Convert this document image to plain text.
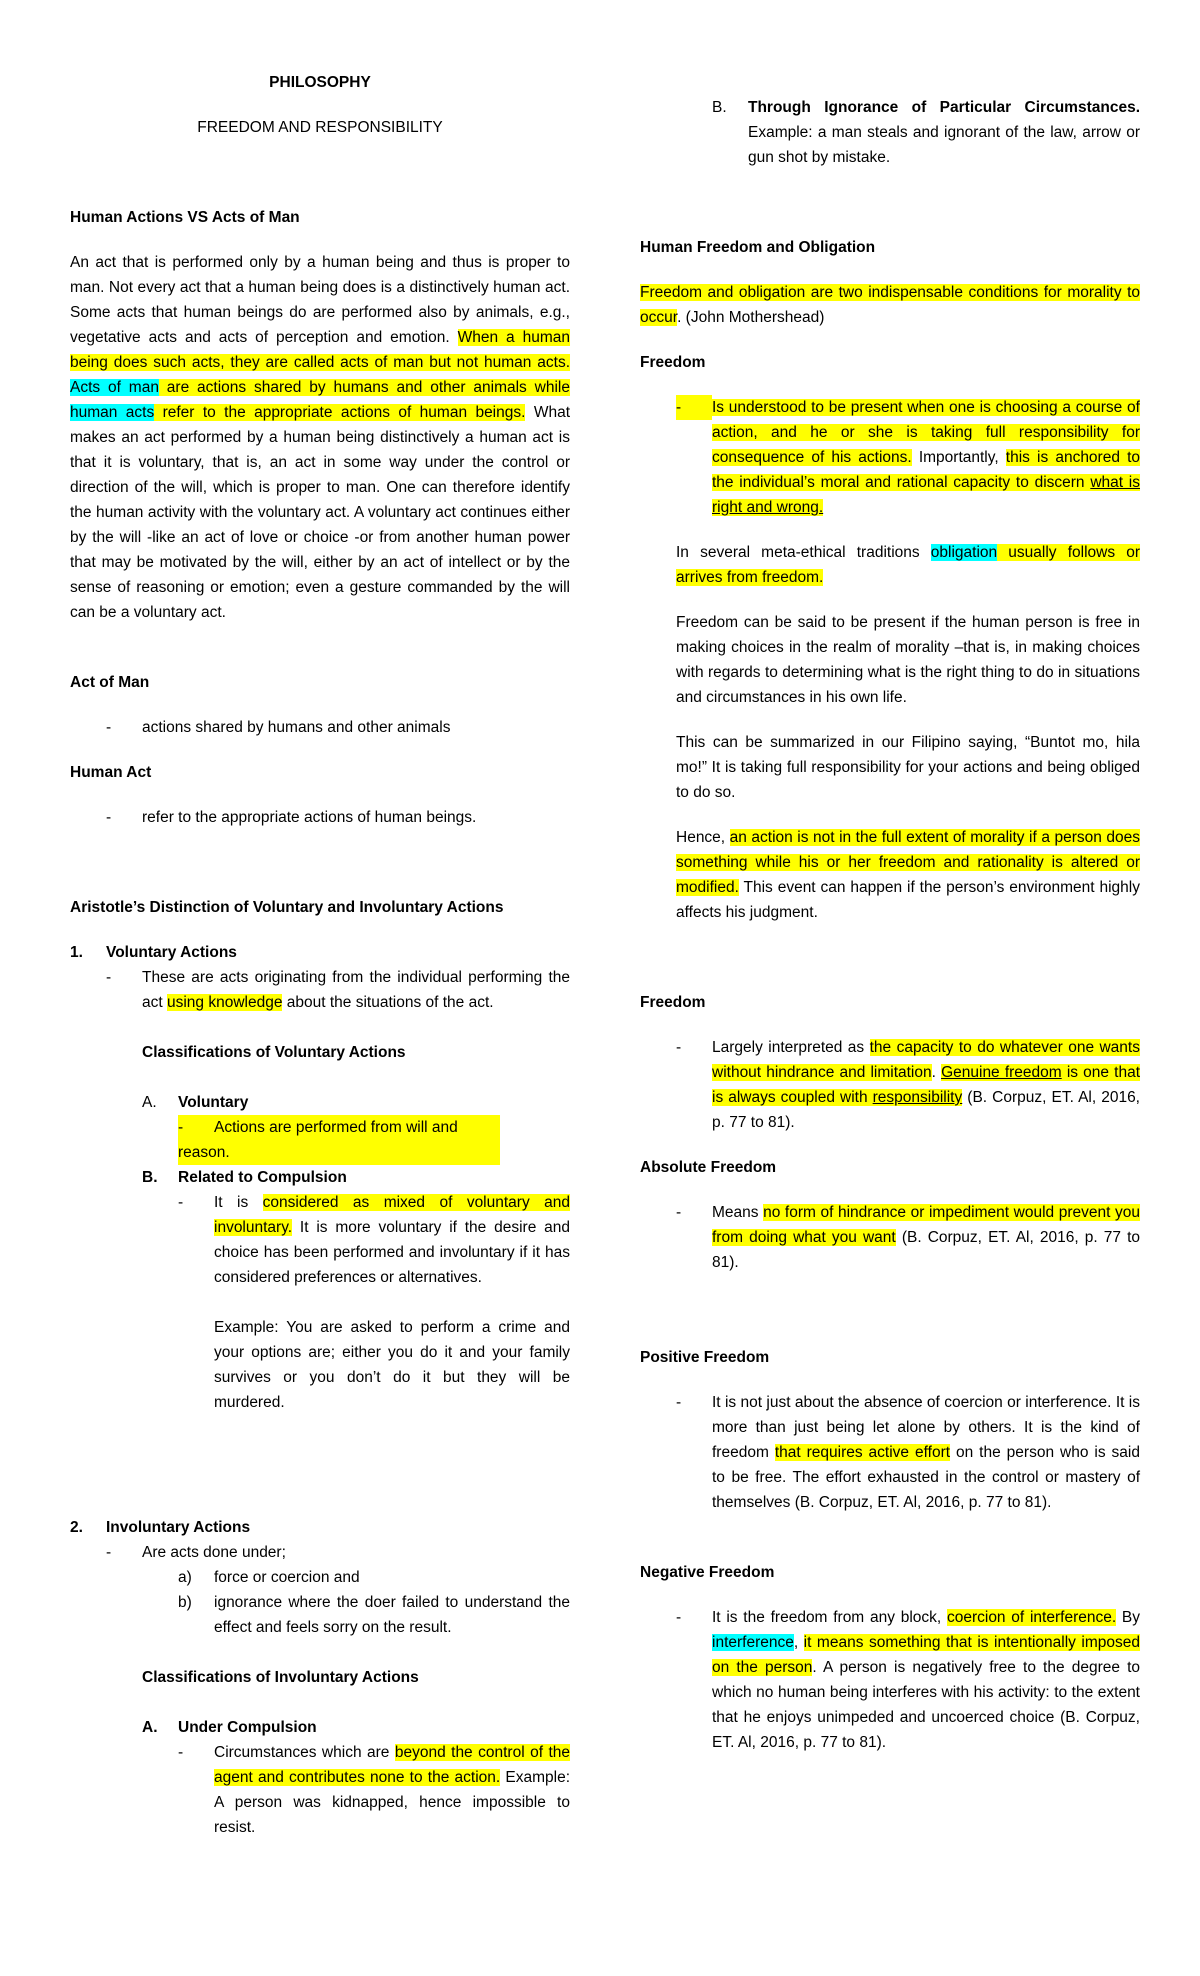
PHILOSOPHY
FREEDOM AND RESPONSIBILITY
Human Actions VS Acts of Man

An act that is performed only by a human being and thus is proper to man. Not every act that a human being does is a distinctively human act. Some acts that human beings do are performed also by animals, e.g., vegetative acts and acts of perception and emotion. When a human being does such acts, they are called acts of man but not human acts. Acts of man are actions shared by humans and other animals while human acts refer to the appropriate actions of human beings. What makes an act performed by a human being distinctively a human act is that it is voluntary, that is, an act in some way under the control or direction of the will, which is proper to man. One can therefore identify the human activity with the voluntary act. A voluntary act continues either by the will -like an act of love or choice -or from another human power that may be motivated by the will, either by an act of intellect or by the sense of reasoning or emotion; even a gesture commanded by the will can be a voluntary act.

Act of Man
- actions shared by humans and other animals
Human Act
- refer to the appropriate actions of human beings.
Aristotle’s Distinction of Voluntary and Involuntary Actions
1. Voluntary Actions
- These are acts originating from the individual performing the act using knowledge about the situations of the act.

Classifications of Voluntary Actions
A. Voluntary
- Actions are performed from will and reason.
B. Related to Compulsion
- It is considered as mixed of voluntary and involuntary. It is more voluntary if the desire and choice has been performed and involuntary if it has considered preferences or alternatives.

Example: You are asked to perform a crime and your options are; either you do it and your family survives or you don’t do it but they will be murdered.

2. Involuntary Actions
- Are acts done under;
a) force or coercion and
b) ignorance where the doer failed to understand the effect and feels sorry on the result.

Classifications of Involuntary Actions
A. Under Compulsion
- Circumstances which are beyond the control of the agent and contributes none to the action. Example: A person was kidnapped, hence impossible to resist.

B. Through Ignorance of Particular Circumstances. Example: a man steals and ignorant of the law, arrow or gun shot by mistake.

Human Freedom and Obligation

Freedom and obligation are two indispensable conditions for morality to occur. (John Mothershead)

Freedom
-	Is understood to be present when one is choosing a course of action, and he or she is taking full responsibility for consequence of his actions. Importantly, this is anchored to the individual’s moral and rational capacity to discern what is right and wrong.

In several meta-ethical traditions obligation usually follows or arrives from freedom.

Freedom can be said to be present if the human person is free in making choices in the realm of morality –that is, in making choices with regards to determining what is the right thing to do in situations and circumstances in his own life.

This can be summarized in our Filipino saying, “Buntot mo, hila mo!” It is taking full responsibility for your actions and being obliged to do so.

Hence, an action is not in the full extent of morality if a person does something while his or her freedom and rationality is altered or modified. This event can happen if the person’s environment highly affects his judgment.

Freedom
- Largely interpreted as the capacity to do whatever one wants without hindrance and limitation. Genuine freedom is one that is always coupled with responsibility (B. Corpuz, ET. Al, 2016, p. 77 to 81).

Absolute Freedom
- Means no form of hindrance or impediment would prevent you from doing what you want (B. Corpuz, ET. Al, 2016, p. 77 to 81).

Positive Freedom
- It is not just about the absence of coercion or interference. It is more than just being let alone by others. It is the kind of freedom that requires active effort on the person who is said to be free. The effort exhausted in the control or mastery of themselves (B. Corpuz, ET. Al, 2016, p. 77 to 81).

Negative Freedom
- It is the freedom from any block, coercion of interference. By interference, it means something that is intentionally imposed on the person. A person is negatively free to the degree to which no human being interferes with his activity: to the extent that he enjoys unimpeded and uncoerced choice (B. Corpuz, ET. Al, 2016, p. 77 to 81).
